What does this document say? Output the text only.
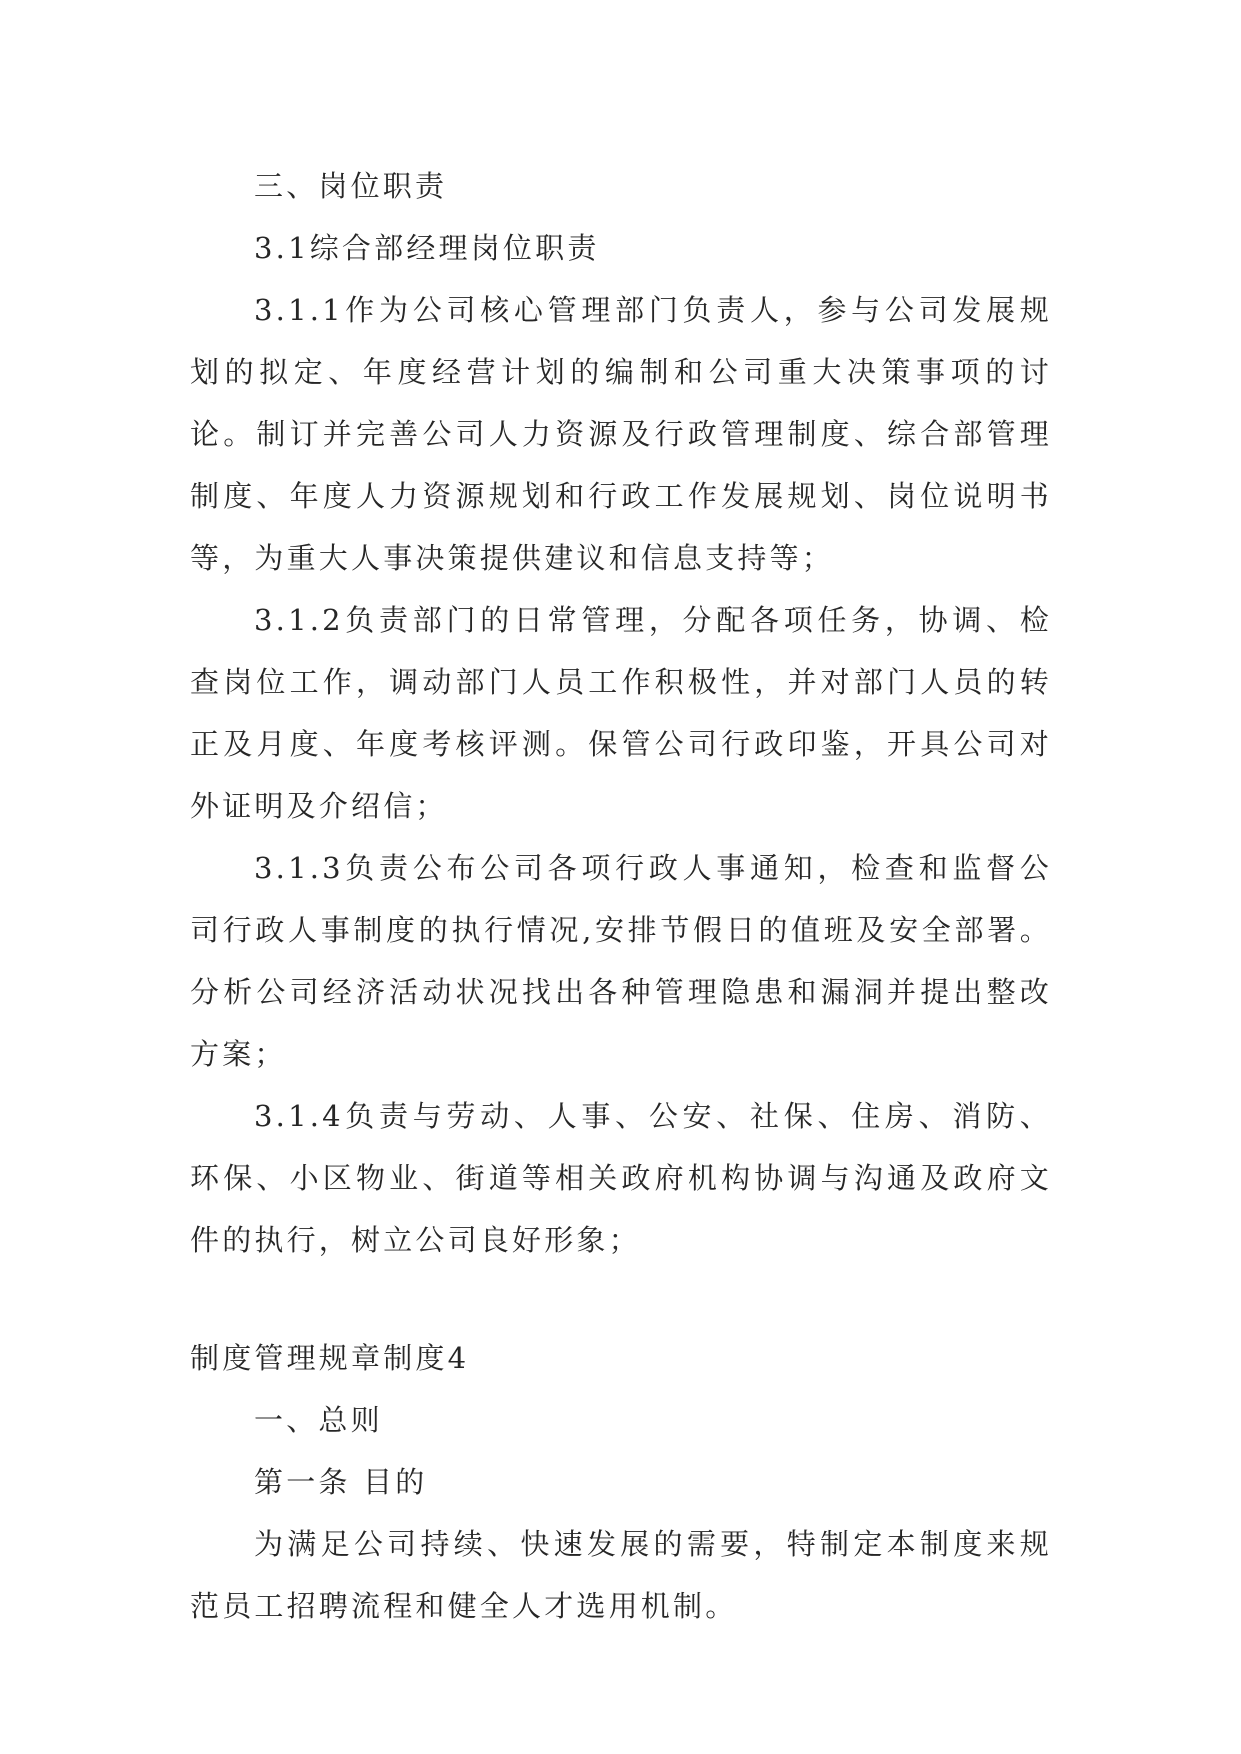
三、岗位职责

3.1综合部经理岗位职责

3.1.1作为公司核心管理部门负责人，参与公司发展规划的拟定、年度经营计划的编制和公司重大决策事项的讨论。制订并完善公司人力资源及行政管理制度、综合部管理制度、年度人力资源规划和行政工作发展规划、岗位说明书等，为重大人事决策提供建议和信息支持等；

3.1.2负责部门的日常管理，分配各项任务，协调、检查岗位工作，调动部门人员工作积极性，并对部门人员的转正及月度、年度考核评测。保管公司行政印鉴，开具公司对外证明及介绍信；

3.1.3负责公布公司各项行政人事通知，检查和监督公司行政人事制度的执行情况,安排节假日的值班及安全部署。分析公司经济活动状况找出各种管理隐患和漏洞并提出整改方案；

3.1.4负责与劳动、人事、公安、社保、住房、消防、环保、小区物业、街道等相关政府机构协调与沟通及政府文件的执行，树立公司良好形象；

制度管理规章制度4

一、总则

第一条 目的

为满足公司持续、快速发展的需要，特制定本制度来规范员工招聘流程和健全人才选用机制。
